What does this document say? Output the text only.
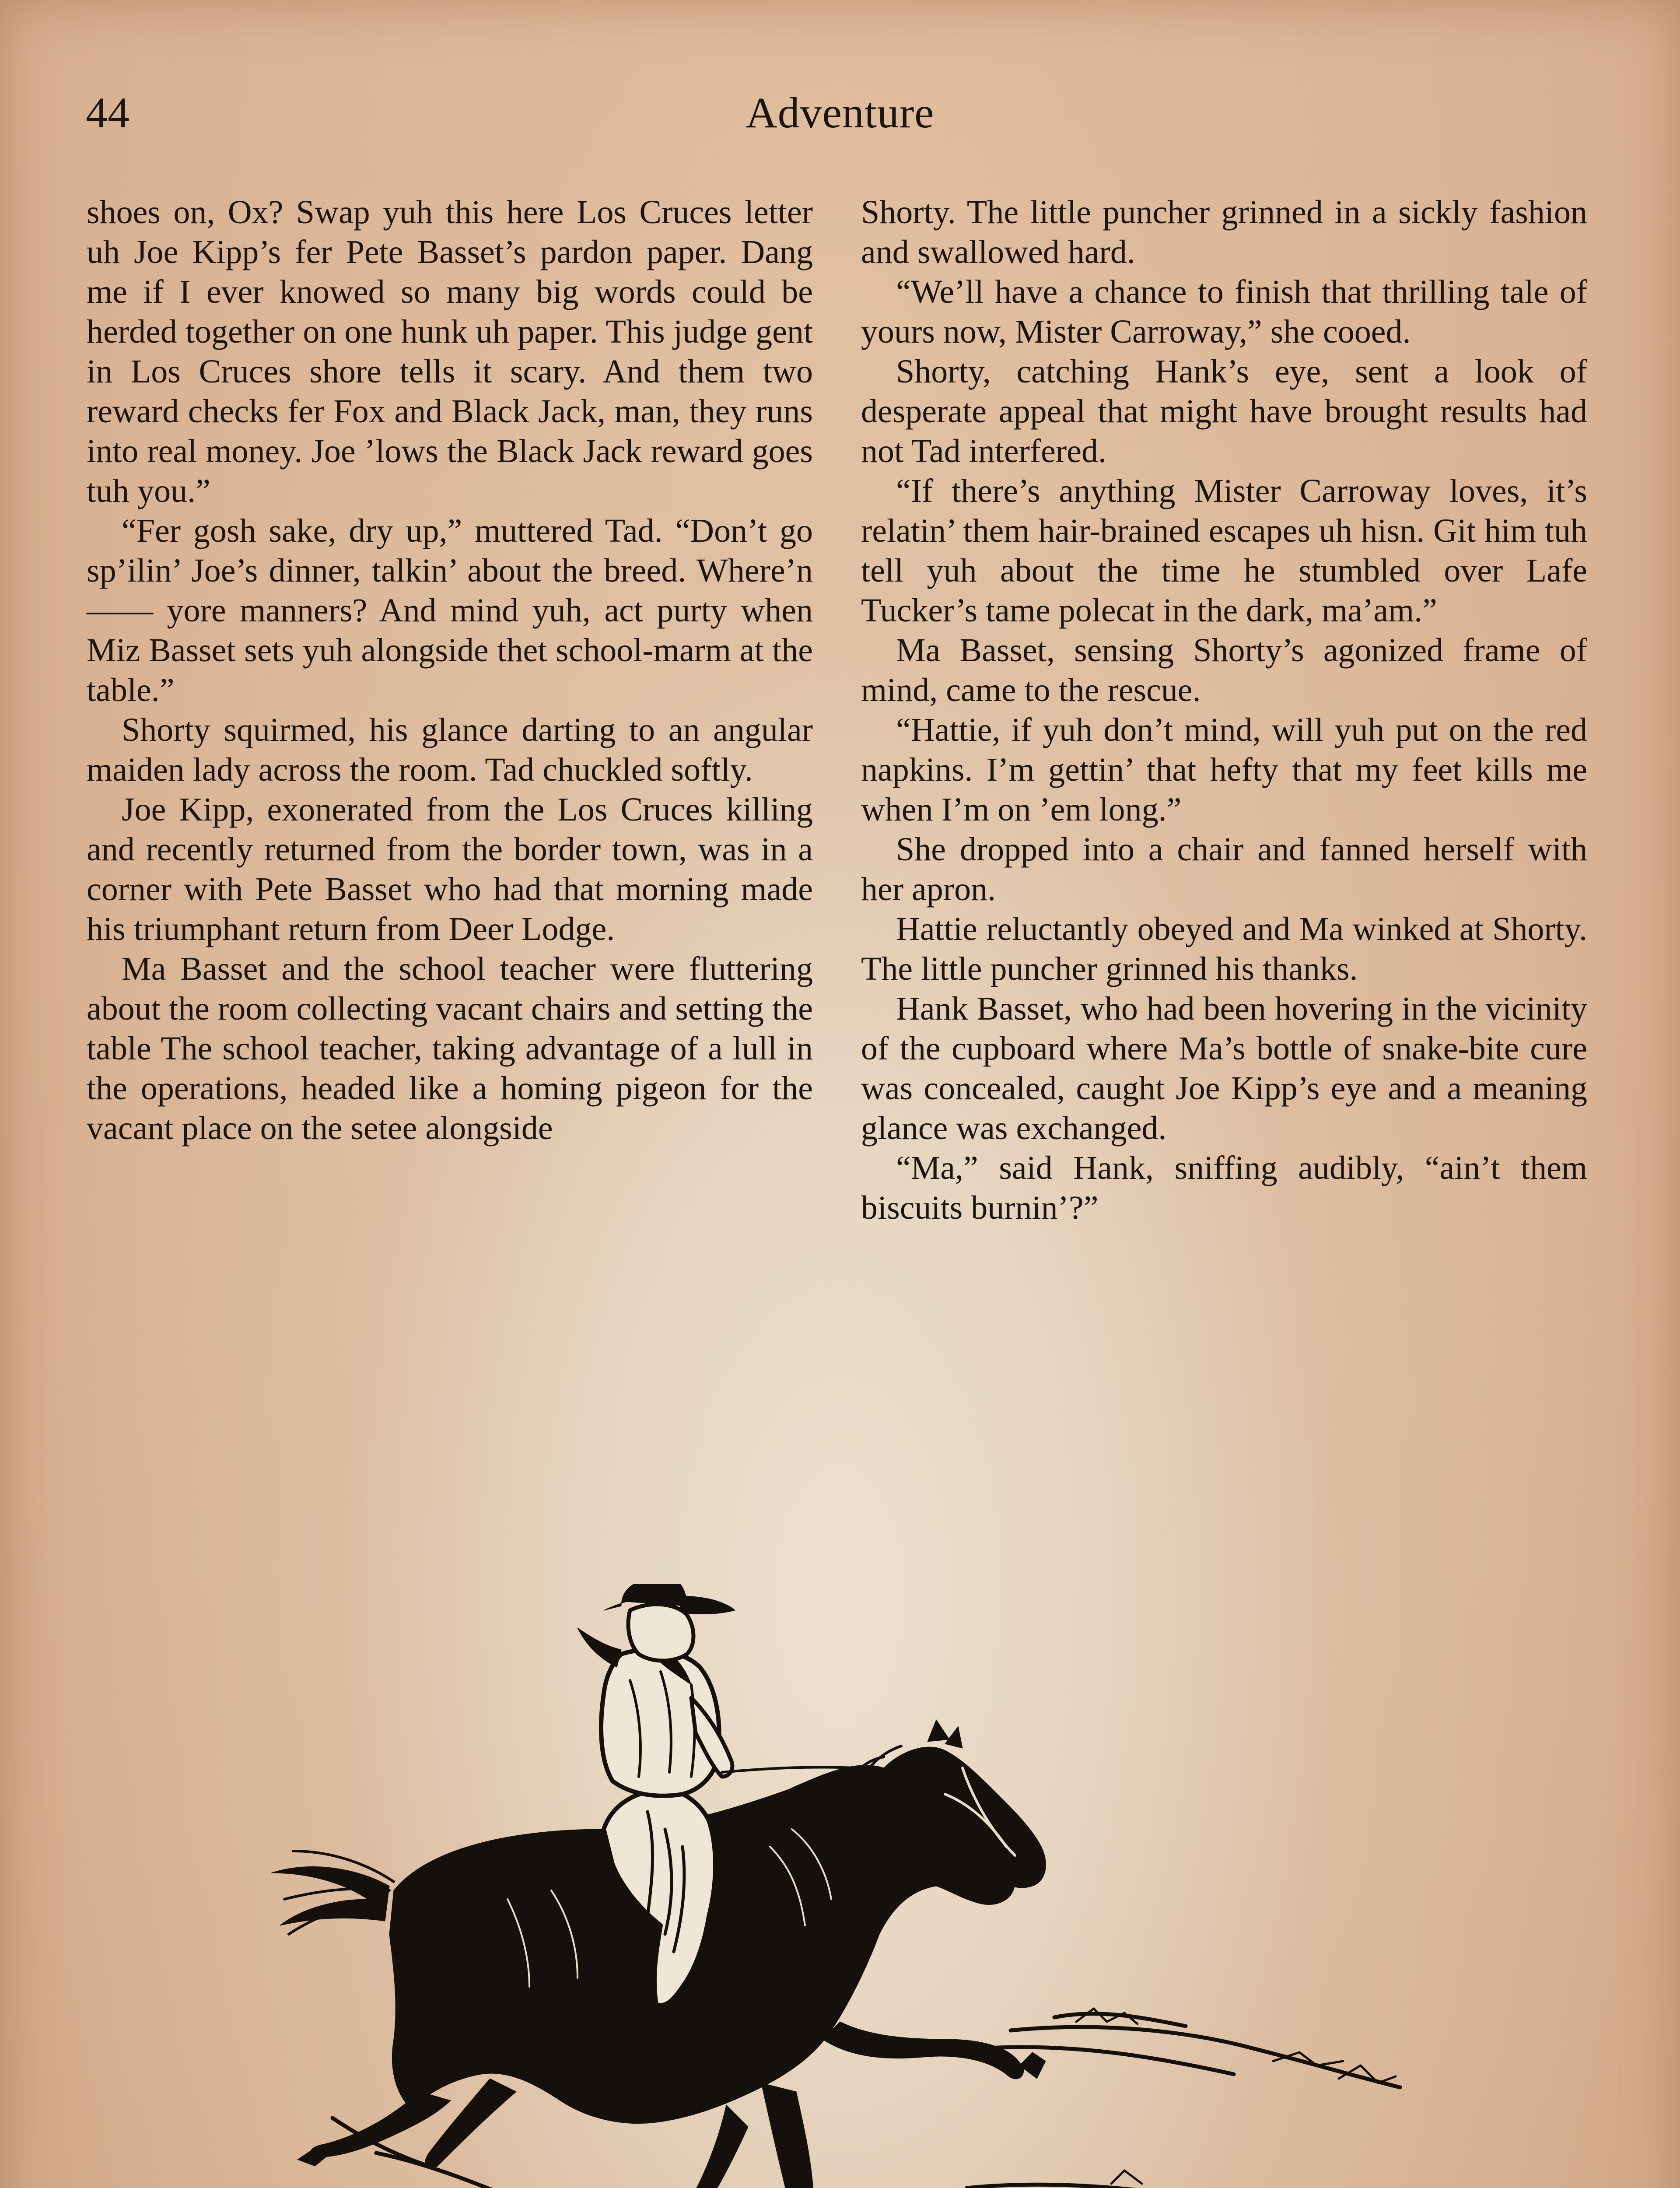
44	Adventure

shoes on, Ox? Swap yuh this here Los Cruces letter uh Joe Kipp’s fer Pete Basset’s pardon paper. Dang me if I ever knowed so many big words could be herded together on one hunk uh paper. This judge gent in Los Cruces shore tells it scary. And them two reward checks fer Fox and Black Jack, man, they runs into real money. Joe ’lows the Black Jack reward goes tuh you.”

“Fer gosh sake, dry up,” muttered Tad. “Don’t go sp’ilin’ Joe’s dinner, talkin’ about the breed. Where’n —— yore manners? And mind yuh, act purty when Miz Basset sets yuh alongside thet school-marm at the table.”

Shorty squirmed, his glance darting to an angular maiden lady across the room. Tad chuckled softly.

Joe Kipp, exonerated from the Los Cruces killing and recently returned from the border town, was in a corner with Pete Basset who had that morning made his triumphant return from Deer Lodge.

Ma Basset and the school teacher were fluttering about the room collecting vacant chairs and setting the table The school teacher, taking advantage of a lull in the operations, headed like a homing pigeon for the vacant place on the setee alongside

Shorty. The little puncher grinned in a sickly fashion and swallowed hard.

“We’ll have a chance to finish that thrilling tale of yours now, Mister Carroway,” she cooed.

Shorty, catching Hank’s eye, sent a look of desperate appeal that might have brought results had not Tad interfered.

“If there’s anything Mister Carroway loves, it’s relatin’ them hair-brained escapes uh hisn. Git him tuh tell yuh about the time he stumbled over Lafe Tucker’s tame polecat in the dark, ma’am.”

Ma Basset, sensing Shorty’s agonized frame of mind, came to the rescue.

“Hattie, if yuh don’t mind, will yuh put on the red napkins. I’m gettin’ that hefty that my feet kills me when I’m on ’em long.”

She dropped into a chair and fanned herself with her apron.

Hattie reluctantly obeyed and Ma winked at Shorty. The little puncher grinned his thanks.

Hank Basset, who had been hovering in the vicinity of the cupboard where Ma’s bottle of snake-bite cure was concealed, caught Joe Kipp’s eye and a meaning glance was exchanged.

“Ma,” said Hank, sniffing audibly, “ain’t them biscuits burnin’?”
